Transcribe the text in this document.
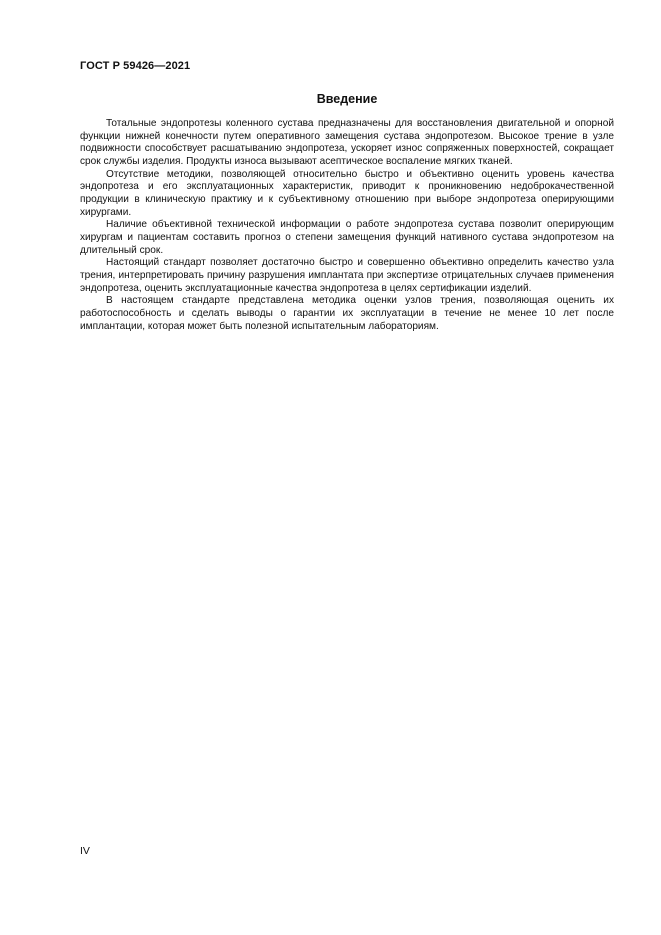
ГОСТ Р 59426—2021
Введение

Тотальные эндопротезы коленного сустава предназначены для восстановления двигательной и опорной функции нижней конечности путем оперативного замещения сустава эндопротезом. Высокое трение в узле подвижности способствует расшатыванию эндопротеза, ускоряет износ сопряженных поверхностей, сокращает срок службы изделия. Продукты износа вызывают асептическое воспаление мягких тканей.

Отсутствие методики, позволяющей относительно быстро и объективно оценить уровень качества эндопротеза и его эксплуатационных характеристик, приводит к проникновению недоброкачественной продукции в клиническую практику и к субъективному отношению при выборе эндопротеза оперирующими хирургами.

Наличие объективной технической информации о работе эндопротеза сустава позволит оперирующим хирургам и пациентам составить прогноз о степени замещения функций нативного сустава эндопротезом на длительный срок.

Настоящий стандарт позволяет достаточно быстро и совершенно объективно определить качество узла трения, интерпретировать причину разрушения имплантата при экспертизе отрицательных случаев применения эндопротеза, оценить эксплуатационные качества эндопротеза в целях сертификации изделий.

В настоящем стандарте представлена методика оценки узлов трения, позволяющая оценить их работоспособность и сделать выводы о гарантии их эксплуатации в течение не менее 10 лет после имплантации, которая может быть полезной испытательным лабораториям.

IV
